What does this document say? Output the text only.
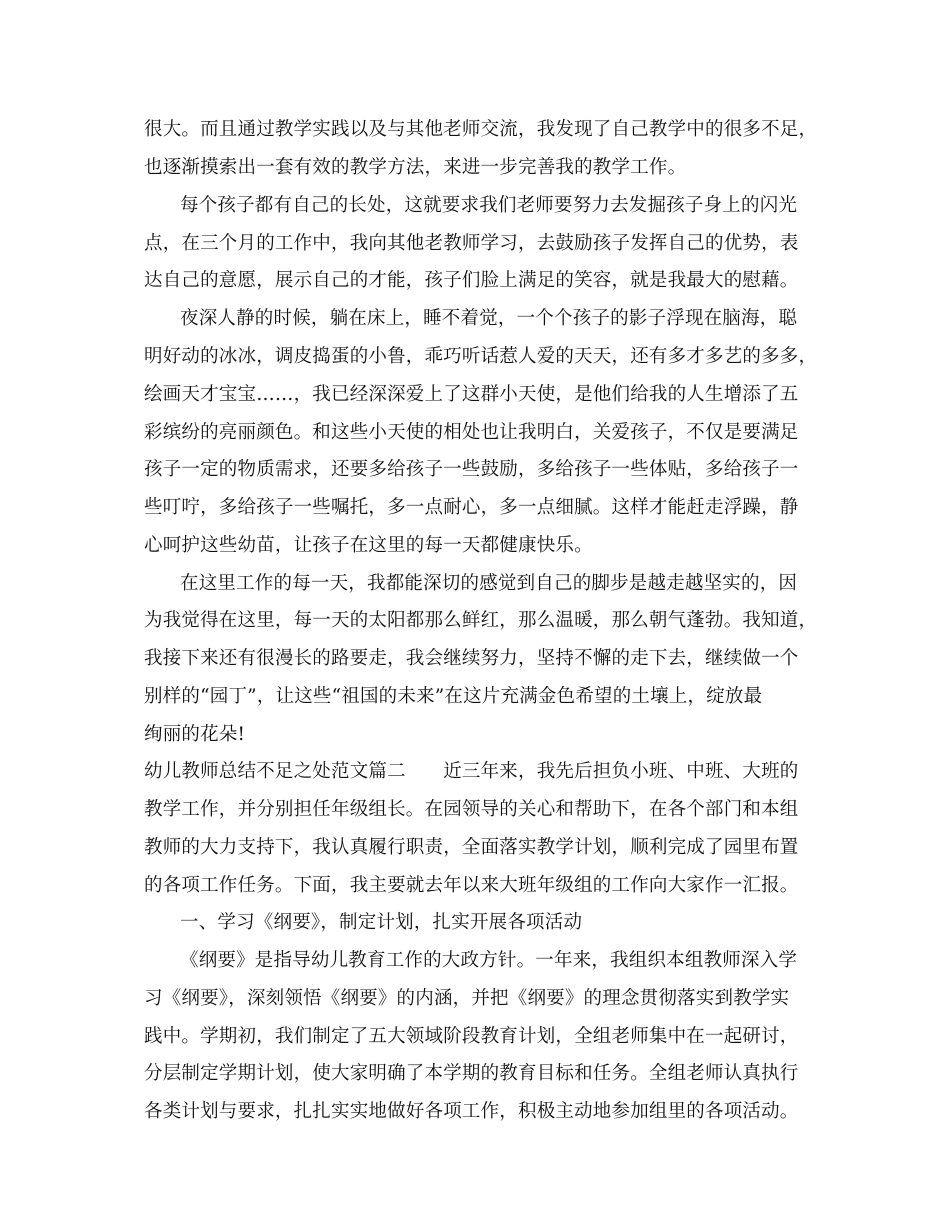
很大。而且通过教学实践以及与其他老师交流，我发现了自己教学中的很多不足，
也逐渐摸索出一套有效的教学方法，来进一步完善我的教学工作。
每个孩子都有自己的长处，这就要求我们老师要努力去发掘孩子身上的闪光
点，在三个月的工作中，我向其他老教师学习，去鼓励孩子发挥自己的优势，表
达自己的意愿，展示自己的才能，孩子们脸上满足的笑容，就是我最大的慰藉。
夜深人静的时候，躺在床上，睡不着觉，一个个孩子的影子浮现在脑海，聪
明好动的冰冰，调皮捣蛋的小鲁，乖巧听话惹人爱的天天，还有多才多艺的多多，
绘画天才宝宝……，我已经深深爱上了这群小天使，是他们给我的人生增添了五
彩缤纷的亮丽颜色。和这些小天使的相处也让我明白，关爱孩子，不仅是要满足
孩子一定的物质需求，还要多给孩子一些鼓励，多给孩子一些体贴，多给孩子一
些叮咛，多给孩子一些嘱托，多一点耐心，多一点细腻。这样才能赶走浮躁，静
心呵护这些幼苗，让孩子在这里的每一天都健康快乐。
在这里工作的每一天，我都能深切的感觉到自己的脚步是越走越坚实的，因
为我觉得在这里，每一天的太阳都那么鲜红，那么温暖，那么朝气蓬勃。我知道，
我接下来还有很漫长的路要走，我会继续努力，坚持不懈的走下去，继续做一个
别样的“园丁”，让这些“祖国的未来”在这片充满金色希望的土壤上，绽放最
绚丽的花朵!
幼儿教师总结不足之处范文篇二　　近三年来，我先后担负小班、中班、大班的
教学工作，并分别担任年级组长。在园领导的关心和帮助下，在各个部门和本组
教师的大力支持下，我认真履行职责，全面落实教学计划，顺利完成了园里布置
的各项工作任务。下面，我主要就去年以来大班年级组的工作向大家作一汇报。
一、学习《纲要》，制定计划，扎实开展各项活动
《纲要》是指导幼儿教育工作的大政方针。一年来，我组织本组教师深入学
习《纲要》，深刻领悟《纲要》的内涵，并把《纲要》的理念贯彻落实到教学实
践中。学期初，我们制定了五大领域阶段教育计划，全组老师集中在一起研讨，
分层制定学期计划，使大家明确了本学期的教育目标和任务。全组老师认真执行
各类计划与要求，扎扎实实地做好各项工作，积极主动地参加组里的各项活动。
